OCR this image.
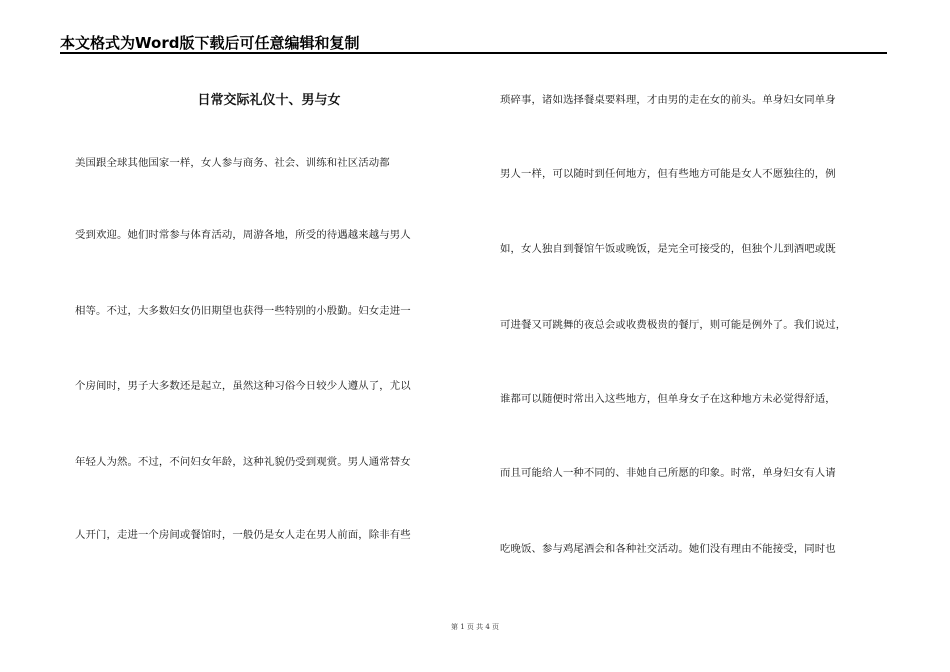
本文格式为Word版下载后可任意编辑和复制
日常交际礼仪十、男与女
美国跟全球其他国家一样，女人参与商务、社会、训练和社区活动都
受到欢迎。她们时常参与体育活动，周游各地，所受的待遇越来越与男人
相等。不过，大多数妇女仍旧期望也获得一些特别的小殷勤。妇女走进一
个房间时，男子大多数还是起立，虽然这种习俗今日较少人遵从了，尤以
年轻人为然。不过，不问妇女年龄，这种礼貌仍受到观赏。男人通常替女
人开门，走进一个房间或餐馆时，一般仍是女人走在男人前面，除非有些
琐碎事，诸如选择餐桌要料理，才由男的走在女的前头。单身妇女同单身
男人一样，可以随时到任何地方，但有些地方可能是女人不愿独往的，例
如，女人独自到餐馆午饭或晚饭，是完全可接受的，但独个儿到酒吧或既
可进餐又可跳舞的夜总会或收费极贵的餐厅，则可能是例外了。我们说过，
谁都可以随便时常出入这些地方，但单身女子在这种地方未必觉得舒适，
而且可能给人一种不同的、非她自己所愿的印象。时常，单身妇女有人请
吃晚饭、参与鸡尾酒会和各种社交活动。她们没有理由不能接受，同时也
第 1 页 共 4 页
